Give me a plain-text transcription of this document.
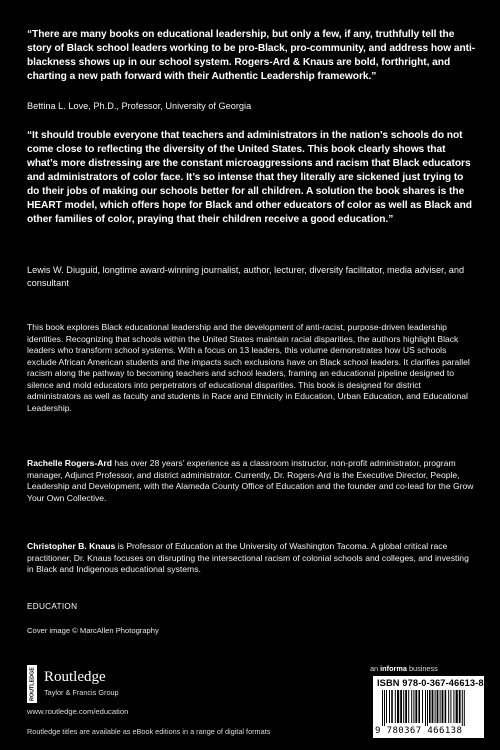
“There are many books on educational leadership, but only a few, if any, truthfully tell the story of Black school leaders working to be pro-Black, pro-community, and address how anti-blackness shows up in our school system. Rogers-Ard & Knaus are bold, forthright, and charting a new path forward with their Authentic Leadership framework.”

Bettina L. Love, Ph.D., Professor, University of Georgia

“It should trouble everyone that teachers and administrators in the nation’s schools do not come close to reflecting the diversity of the United States. This book clearly shows that what’s more distressing are the constant microaggressions and racism that Black educators and administrators of color face. It’s so intense that they literally are sickened just trying to do their jobs of making our schools better for all children. A solution the book shares is the HEART model, which offers hope for Black and other educators of color as well as Black and other families of color, praying that their children receive a good education.”

Lewis W. Diuguid, longtime award-winning journalist, author, lecturer, diversity facilitator, media adviser, and consultant

This book explores Black educational leadership and the development of anti-racist, purpose-driven leadership identities. Recognizing that schools within the United States maintain racial disparities, the authors highlight Black leaders who transform school systems. With a focus on 13 leaders, this volume demonstrates how US schools exclude African American students and the impacts such exclusions have on Black school leaders. It clarifies parallel racism along the pathway to becoming teachers and school leaders, framing an educational pipeline designed to silence and mold educators into perpetrators of educational disparities. This book is designed for district administrators as well as faculty and students in Race and Ethnicity in Education, Urban Education, and Educational Leadership.

Rachelle Rogers-Ard has over 28 years’ experience as a classroom instructor, non-profit administrator, program manager, Adjunct Professor, and district administrator. Currently, Dr. Rogers-Ard is the Executive Director, People, Leadership and Development, with the Alameda County Office of Education and the founder and co-lead for the Grow Your Own Collective.

Christopher B. Knaus is Professor of Education at the University of Washington Tacoma. A global critical race practitioner, Dr. Knaus focuses on disrupting the intersectional racism of colonial schools and colleges, and investing in Black and Indigenous educational systems.

EDUCATION

Cover image © MarcAllen Photography

ROUTLEDGE Routledge
Taylor & Francis Group

www.routledge.com/education

Routledge titles are available as eBook editions in a range of digital formats

an informa business
ISBN 978-0-367-46613-8
9 780367 466138
